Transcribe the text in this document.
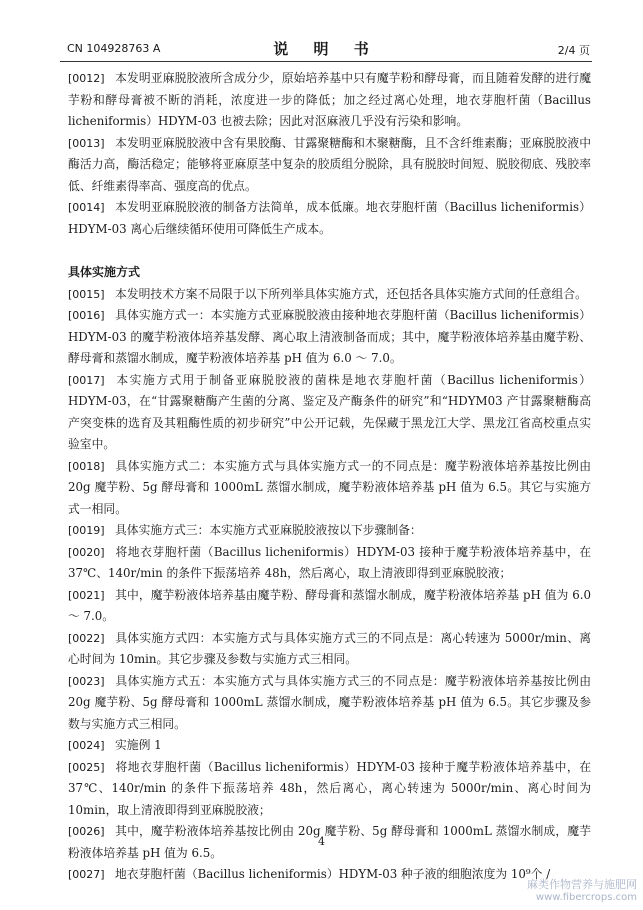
CN 104928763 A	说 明 书	2/4 页

[0012] 本发明亚麻脱胶液所含成分少，原始培养基中只有魔芋粉和酵母膏，而且随着发酵的进行魔芋粉和酵母膏被不断的消耗，浓度进一步的降低；加之经过离心处理，地衣芽胞杆菌（Bacillus licheniformis）HDYM-03 也被去除；因此对沤麻液几乎没有污染和影响。

[0013] 本发明亚麻脱胶液中含有果胶酶、甘露聚糖酶和木聚糖酶，且不含纤维素酶；亚麻脱胶液中酶活力高，酶活稳定；能够将亚麻原茎中复杂的胶质组分脱除，具有脱胶时间短、脱胶彻底、残胶率低、纤维素得率高、强度高的优点。

[0014] 本发明亚麻脱胶液的制备方法简单，成本低廉。地衣芽胞杆菌（Bacillus licheniformis）HDYM-03 离心后继续循环使用可降低生产成本。

具体实施方式

[0015] 本发明技术方案不局限于以下所列举具体实施方式，还包括各具体实施方式间的任意组合。

[0016] 具体实施方式一：本实施方式亚麻脱胶液由接种地衣芽胞杆菌（Bacillus licheniformis）HDYM-03 的魔芋粉液体培养基发酵、离心取上清液制备而成；其中，魔芋粉液体培养基由魔芋粉、酵母膏和蒸馏水制成，魔芋粉液体培养基 pH 值为 6.0 ～ 7.0。

[0017] 本实施方式用于制备亚麻脱胶液的菌株是地衣芽胞杆菌（Bacillus licheniformis）HDYM-03，在“甘露聚糖酶产生菌的分离、鉴定及产酶条件的研究”和“HDYM03 产甘露聚糖酶高产突变株的选育及其粗酶性质的初步研究”中公开记载，先保藏于黑龙江大学、黑龙江省高校重点实验室中。

[0018] 具体实施方式二：本实施方式与具体实施方式一的不同点是：魔芋粉液体培养基按比例由 20g 魔芋粉、5g 酵母膏和 1000mL 蒸馏水制成，魔芋粉液体培养基 pH 值为 6.5。其它与实施方式一相同。

[0019] 具体实施方式三：本实施方式亚麻脱胶液按以下步骤制备：

[0020] 将地衣芽胞杆菌（Bacillus licheniformis）HDYM-03 接种于魔芋粉液体培养基中，在 37℃、140r/min 的条件下振荡培养 48h，然后离心，取上清液即得到亚麻脱胶液；

[0021] 其中，魔芋粉液体培养基由魔芋粉、酵母膏和蒸馏水制成，魔芋粉液体培养基 pH 值为 6.0 ～ 7.0。

[0022] 具体实施方式四：本实施方式与具体实施方式三的不同点是：离心转速为 5000r/min、离心时间为 10min。其它步骤及参数与实施方式三相同。

[0023] 具体实施方式五：本实施方式与具体实施方式三的不同点是：魔芋粉液体培养基按比例由 20g 魔芋粉、5g 酵母膏和 1000mL 蒸馏水制成，魔芋粉液体培养基 pH 值为 6.5。其它步骤及参数与实施方式三相同。

[0024] 实施例 1

[0025] 将地衣芽胞杆菌（Bacillus licheniformis）HDYM-03 接种于魔芋粉液体培养基中，在 37℃、140r/min 的条件下振荡培养 48h，然后离心，离心转速为 5000r/min、离心时间为 10min，取上清液即得到亚麻脱胶液；

[0026] 其中，魔芋粉液体培养基按比例由 20g 魔芋粉、5g 酵母膏和 1000mL 蒸馏水制成，魔芋粉液体培养基 pH 值为 6.5。

[0027] 地衣芽胞杆菌（Bacillus licheniformis）HDYM-03 种子液的细胞浓度为 10⁹个 /

4
麻类作物营养与施肥网
www.fibercrops.com
